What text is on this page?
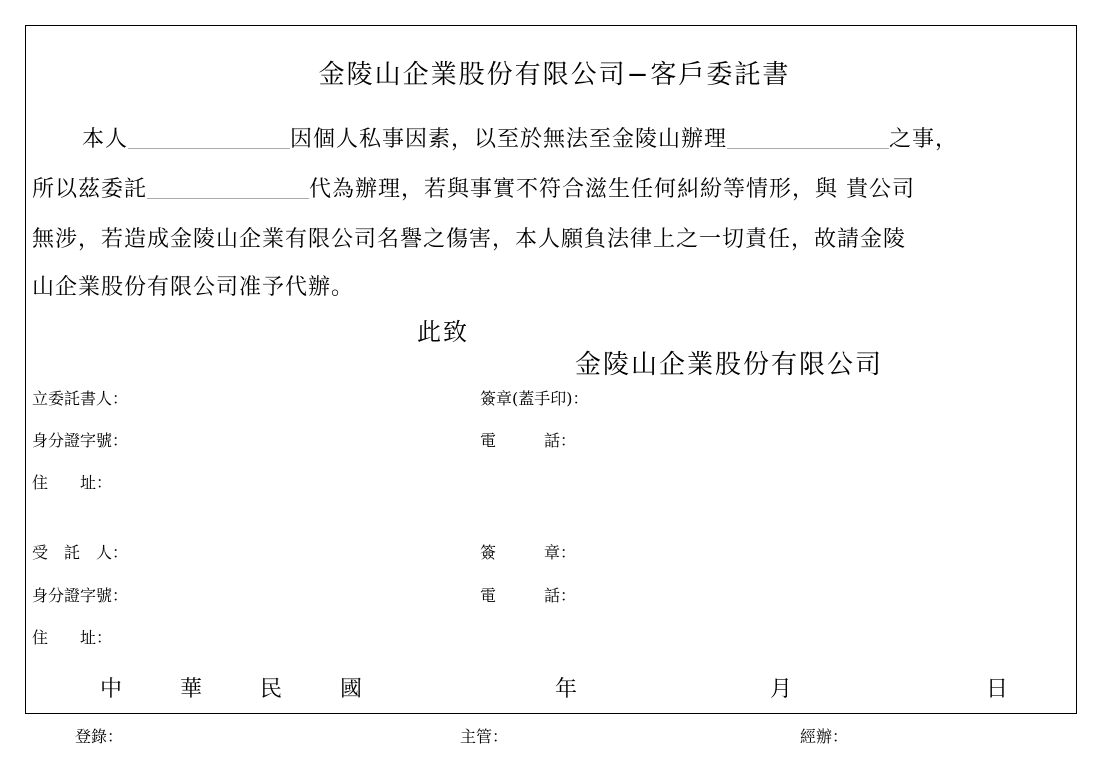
金陵山企業股份有限公司−客戶委託書
本人	因個人私事因素，以至於無法至金陵山辦理	之事，
所以茲委託	代為辦理，若與事實不符合滋生任何糾紛等情形，與 貴公司
無涉，若造成金陵山企業有限公司名譽之傷害，本人願負法律上之一切責任，故請金陵
山企業股份有限公司准予代辦。
此致
金陵山企業股份有限公司
立委託書人：	簽章(蓋手印)：
身分證字號：	電　　　話：
住　　址：
受　託　人：	簽　　　章：
身分證字號：	電　　　話：
住　　址：
中	華	民	國	年	月	日
登錄：	主管：	經辦：
